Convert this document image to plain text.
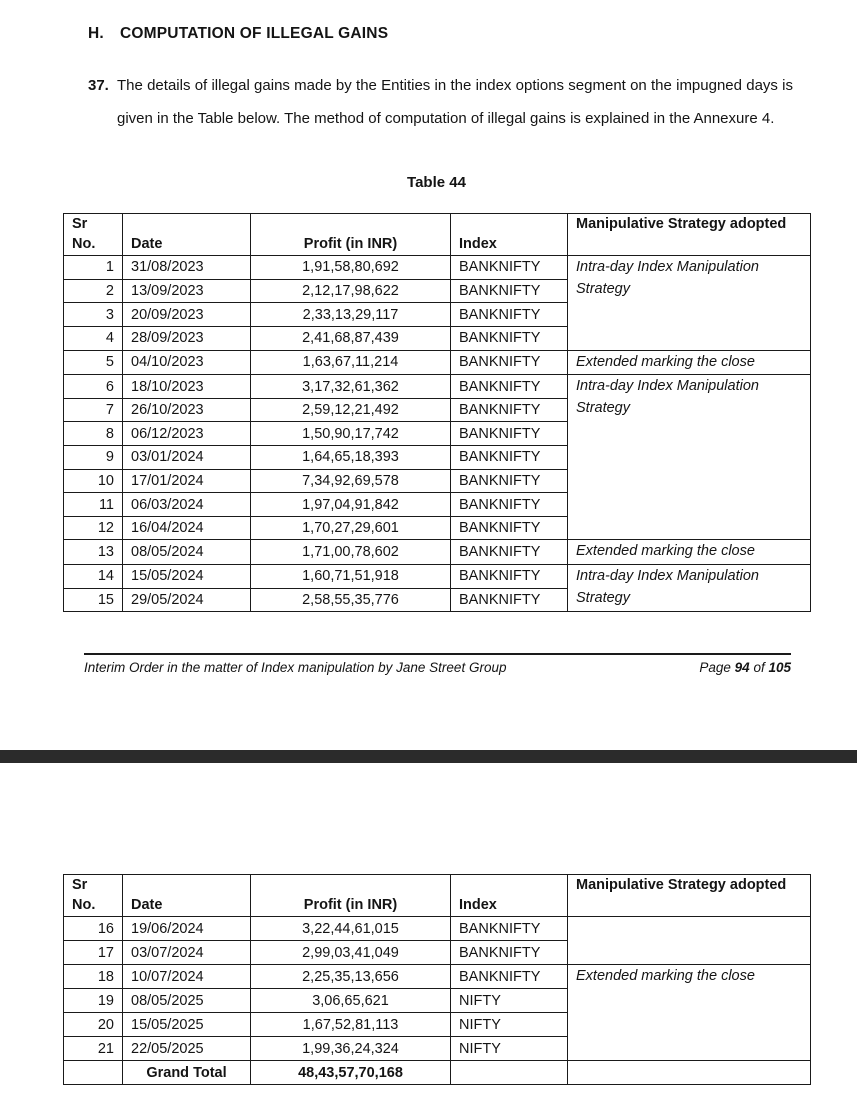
H. COMPUTATION OF ILLEGAL GAINS
37. The details of illegal gains made by the Entities in the index options segment on the impugned days is given in the Table below. The method of computation of illegal gains is explained in the Annexure 4.
Table 44
Sr
No.	Date	Profit (in INR)	Index	Manipulative Strategy adopted
1	31/08/2023	1,91,58,80,692	BANKNIFTY	Intra-day Index Manipulation Strategy
2	13/09/2023	2,12,17,98,622	BANKNIFTY	
3	20/09/2023	2,33,13,29,117	BANKNIFTY	
4	28/09/2023	2,41,68,87,439	BANKNIFTY	
5	04/10/2023	1,63,67,11,214	BANKNIFTY	Extended marking the close
6	18/10/2023	3,17,32,61,362	BANKNIFTY	Intra-day Index Manipulation Strategy
7	26/10/2023	2,59,12,21,492	BANKNIFTY	
8	06/12/2023	1,50,90,17,742	BANKNIFTY	
9	03/01/2024	1,64,65,18,393	BANKNIFTY	
10	17/01/2024	7,34,92,69,578	BANKNIFTY	
11	06/03/2024	1,97,04,91,842	BANKNIFTY	
12	16/04/2024	1,70,27,29,601	BANKNIFTY	
13	08/05/2024	1,71,00,78,602	BANKNIFTY	Extended marking the close
14	15/05/2024	1,60,71,51,918	BANKNIFTY	Intra-day Index Manipulation Strategy
15	29/05/2024	2,58,55,35,776	BANKNIFTY	
Interim Order in the matter of Index manipulation by Jane Street Group	Page 94 of 105
Sr
No.	Date	Profit (in INR)	Index	Manipulative Strategy adopted
16	19/06/2024	3,22,44,61,015	BANKNIFTY	
17	03/07/2024	2,99,03,41,049	BANKNIFTY	
18	10/07/2024	2,25,35,13,656	BANKNIFTY	Extended marking the close
19	08/05/2025	3,06,65,621	NIFTY	
20	15/05/2025	1,67,52,81,113	NIFTY	
21	22/05/2025	1,99,36,24,324	NIFTY	
	Grand Total	48,43,57,70,168		
